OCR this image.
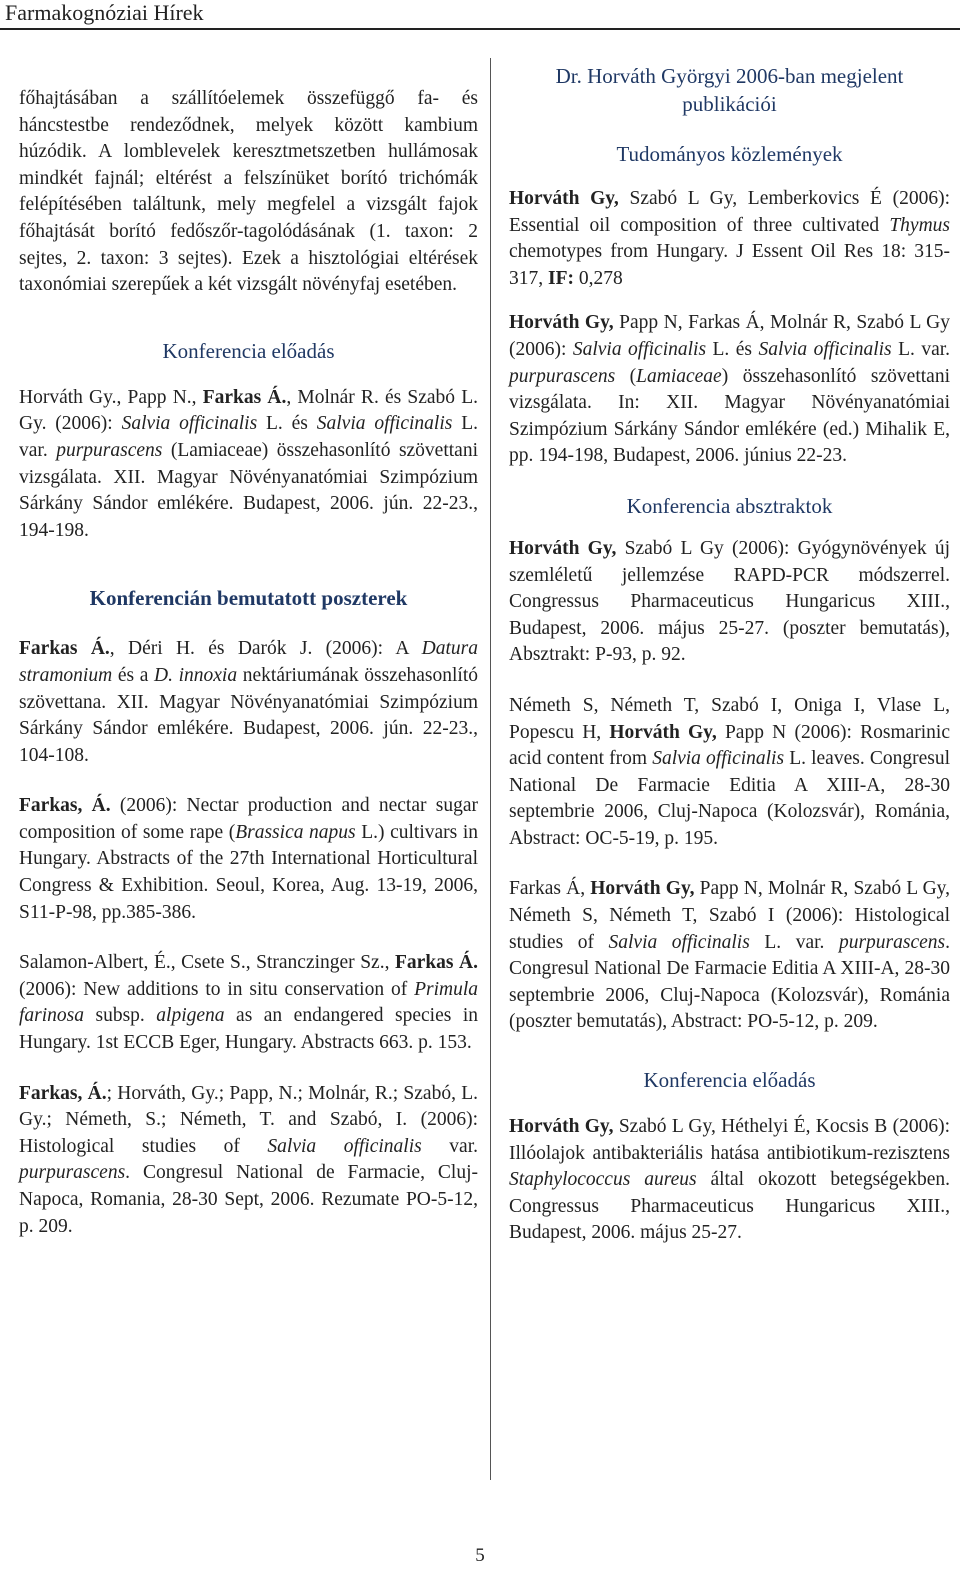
Farmakognóziai Hírek

főhajtásában a szállítóelemek összefüggő fa- és háncstestbe rendeződnek, melyek között kambium húzódik. A lomblevelek keresztmetszetben hullámosak mindkét fajnál; eltérést a felszínüket borító trichómák felépítésében találtunk, mely megfelel a vizsgált fajok főhajtását borító fedőszőr-tagolódásának (1. taxon: 2 sejtes, 2. taxon: 3 sejtes). Ezek a hisztológiai eltérések taxonómiai szerepűek a két vizsgált növényfaj esetében.

Konferencia előadás

Horváth Gy., Papp N., Farkas Á., Molnár R. és Szabó L. Gy. (2006): Salvia officinalis L. és Salvia officinalis L. var. purpurascens (Lamiaceae) összehasonlító szövettani vizsgálata. XII. Magyar Növényanatómiai Szimpózium Sárkány Sándor emlékére. Budapest, 2006. jún. 22-23., 194-198.

Konferencián bemutatott poszterek

Farkas Á., Déri H. és Darók J. (2006): A Datura stramonium és a D. innoxia nektáriumának összehasonlító szövettana. XII. Magyar Növényanatómiai Szimpózium Sárkány Sándor emlékére. Budapest, 2006. jún. 22-23., 104-108.

Farkas, Á. (2006): Nectar production and nectar sugar composition of some rape (Brassica napus L.) cultivars in Hungary. Abstracts of the 27th International Horticultural Congress & Exhibition. Seoul, Korea, Aug. 13-19, 2006, S11-P-98, pp.385-386.

Salamon-Albert, É., Csete S., Stranczinger Sz., Farkas Á. (2006): New additions to in situ conservation of Primula farinosa subsp. alpigena as an endangered species in Hungary. 1st ECCB Eger, Hungary. Abstracts 663. p. 153.

Farkas, Á.; Horváth, Gy.; Papp, N.; Molnár, R.; Szabó, L. Gy.; Németh, S.; Németh, T. and Szabó, I. (2006): Histological studies of Salvia officinalis var. purpurascens. Congresul National de Farmacie, Cluj-Napoca, Romania, 28-30 Sept, 2006. Rezumate PO-5-12, p. 209.

Dr. Horváth Györgyi 2006-ban megjelent publikációi
Tudományos közlemények

Horváth Gy, Szabó L Gy, Lemberkovics É (2006): Essential oil composition of three cultivated Thymus chemotypes from Hungary. J Essent Oil Res 18: 315-317, IF: 0,278

Horváth Gy, Papp N, Farkas Á, Molnár R, Szabó L Gy (2006): Salvia officinalis L. és Salvia officinalis L. var. purpurascens (Lamiaceae) összehasonlító szövettani vizsgálata. In: XII. Magyar Növényanatómiai Szimpózium Sárkány Sándor emlékére (ed.) Mihalik E, pp. 194-198, Budapest, 2006. június 22-23.

Konferencia absztraktok

Horváth Gy, Szabó L Gy (2006): Gyógynövények új szemléletű jellemzése RAPD-PCR módszerrel. Congressus Pharmaceuticus Hungaricus XIII., Budapest, 2006. május 25-27. (poszter bemutatás), Absztrakt: P-93, p. 92.

Németh S, Németh T, Szabó I, Oniga I, Vlase L, Popescu H, Horváth Gy, Papp N (2006): Rosmarinic acid content from Salvia officinalis L. leaves. Congresul National De Farmacie Editia A XIII-A, 28-30 septembrie 2006, Cluj-Napoca (Kolozsvár), Románia, Abstract: OC-5-19, p. 195.

Farkas Á, Horváth Gy, Papp N, Molnár R, Szabó L Gy, Németh S, Németh T, Szabó I (2006): Histological studies of Salvia officinalis L. var. purpurascens. Congresul National De Farmacie Editia A XIII-A, 28-30 septembrie 2006, Cluj-Napoca (Kolozsvár), Románia (poszter bemutatás), Abstract: PO-5-12, p. 209.

Konferencia előadás

Horváth Gy, Szabó L Gy, Héthelyi É, Kocsis B (2006): Illóolajok antibakteriális hatása antibiotikum-rezisztens Staphylococcus aureus által okozott betegségekben. Congressus Pharmaceuticus Hungaricus XIII., Budapest, 2006. május 25-27.

5
